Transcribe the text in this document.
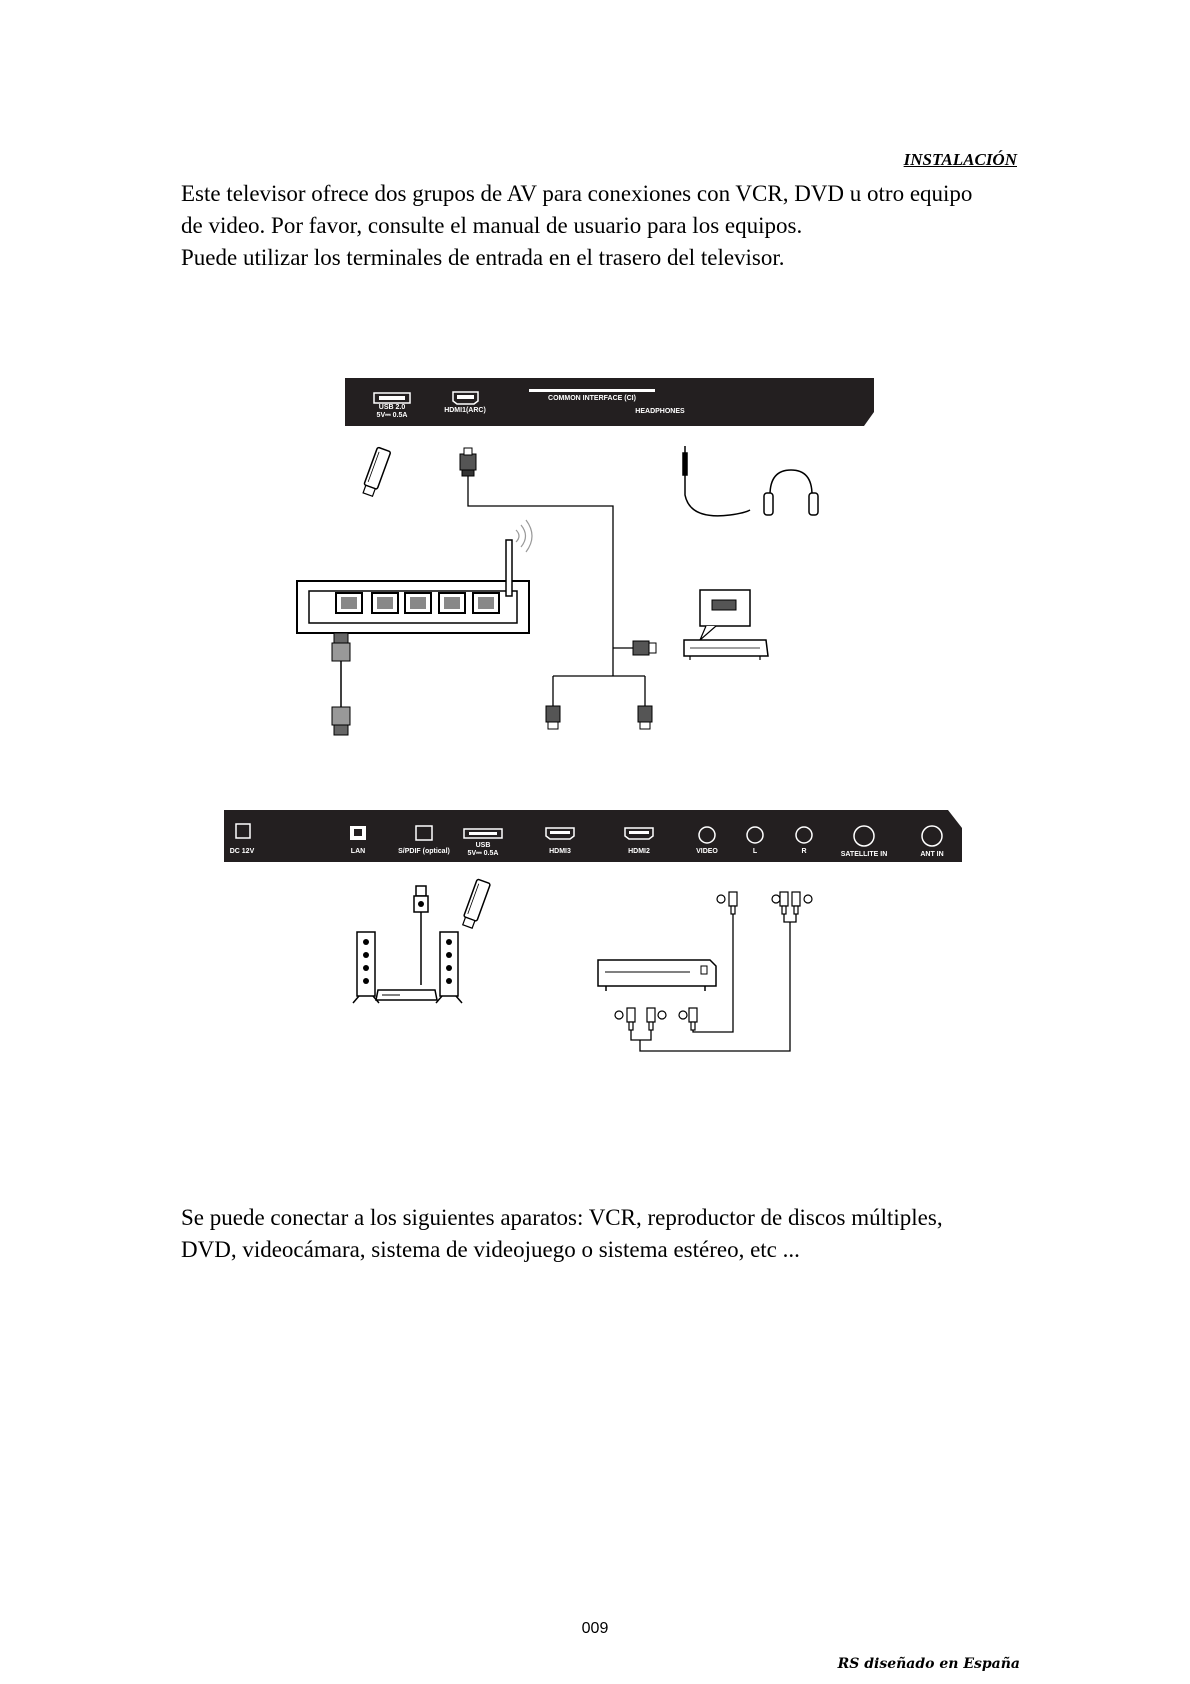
INSTALACIÓN

Este televisor ofrece dos grupos de AV para conexiones con VCR, DVD u otro equipo
de video. Por favor, consulte el manual de usuario para los equipos.
Puede utilizar los terminales de entrada en el trasero del televisor.

USB 2.0
5V⎓ 0.5A
HDMI1(ARC)
COMMON INTERFACE (CI)
HEADPHONES
DC 12V	LAN	S/PDIF (optical)
USB
5V⎓ 0.5A	HDMI3	HDMI2	VIDEO	L	R	SATELLITE IN	ANT IN

Se puede conectar a los siguientes aparatos: VCR, reproductor de discos múltiples,
DVD, videocámara, sistema de videojuego o sistema estéreo, etc ...

009
RS diseñado en España
